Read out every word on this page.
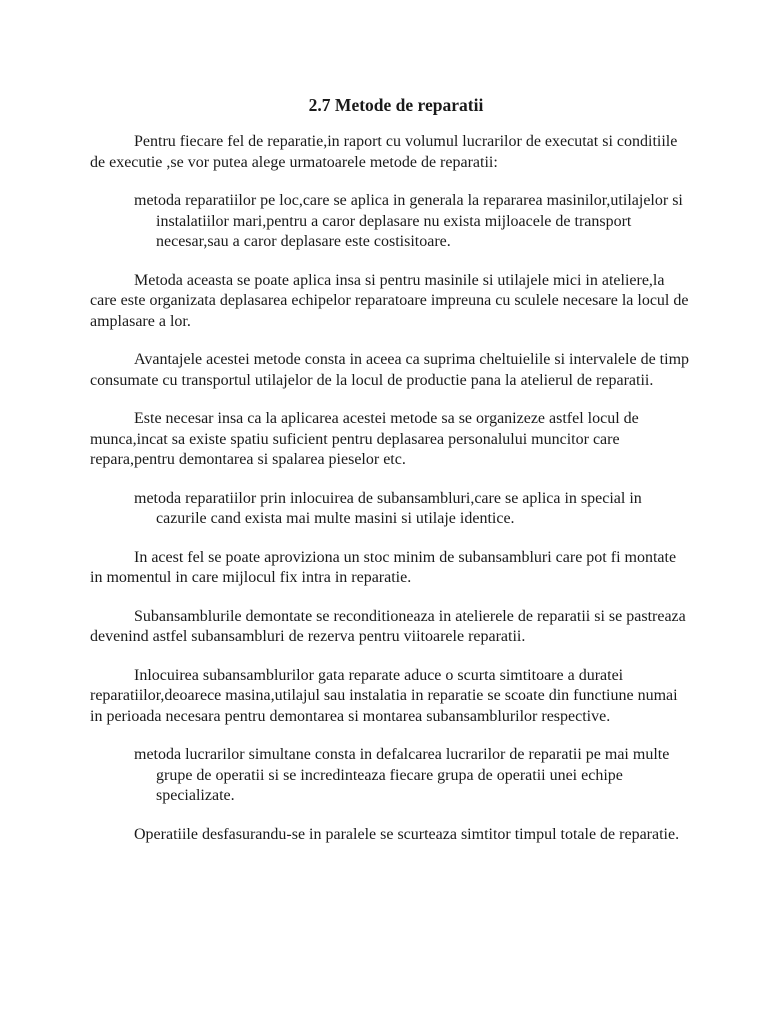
2.7 Metode de reparatii

Pentru fiecare fel de reparatie,in raport cu volumul lucrarilor de executat si conditiile de executie ,se vor putea alege urmatoarele metode de reparatii:

metoda reparatiilor pe loc,care se aplica in generala la repararea masinilor,utilajelor si instalatiilor mari,pentru a caror deplasare nu exista mijloacele de transport necesar,sau a caror deplasare este costisitoare.

Metoda aceasta se poate aplica insa si pentru masinile si utilajele mici in ateliere,la care este organizata deplasarea echipelor reparatoare impreuna cu sculele necesare la locul de amplasare a lor.

Avantajele acestei metode consta in aceea ca suprima cheltuielile si intervalele de timp consumate cu transportul utilajelor de la locul de productie pana la atelierul de reparatii.

Este necesar insa ca la aplicarea acestei metode sa se organizeze astfel locul de munca,incat sa existe spatiu suficient pentru deplasarea personalului muncitor care repara,pentru demontarea si spalarea pieselor etc.

metoda reparatiilor prin inlocuirea de subansambluri,care se aplica in special in cazurile cand exista mai multe masini si utilaje identice.

In acest fel se poate aproviziona un stoc minim de subansambluri care pot fi montate in momentul in care mijlocul fix intra in reparatie.

Subansamblurile demontate se reconditioneaza in atelierele de reparatii si se pastreaza devenind astfel subansambluri de rezerva pentru viitoarele reparatii.

Inlocuirea subansamblurilor gata reparate aduce o scurta simtitoare a duratei reparatiilor,deoarece masina,utilajul sau instalatia in reparatie se scoate din functiune numai in perioada necesara pentru demontarea si montarea subansamblurilor respective.

metoda lucrarilor simultane consta in defalcarea lucrarilor de reparatii pe mai multe grupe de operatii si se incredinteaza fiecare grupa de operatii unei echipe specializate.

Operatiile desfasurandu-se in paralele se scurteaza simtitor timpul totale de reparatie.
